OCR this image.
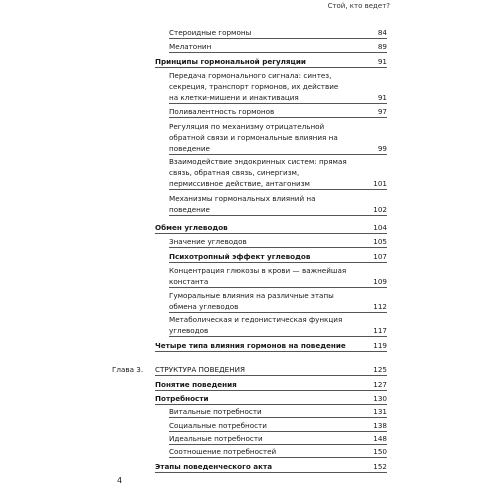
Стой, кто ведет?
Стероидные гормоны	84
Мелатонин	89
Принципы гормональной регуляции	91
Передача гормонального сигнала: синтез, секреция, транспорт гормонов, их действие на клетки-мишени и инактивация	91
Поливалентность гормонов	97
Регуляция по механизму отрицательной обратной связи и гормональные влияния на поведение	99
Взаимодействие эндокринных систем: прямая связь, обратная связь, синергизм, пермиссивное действие, антагонизм	101
Механизмы гормональных влияний на поведение	102
Обмен углеводов	104
Значение углеводов	105
Психотропный эффект углеводов	107
Концентрация глюкозы в крови — важнейшая константа	109
Гуморальные влияния на различные этапы обмена углеводов	112
Метаболическая и гедонистическая функция углеводов	117
Четыре типа влияния гормонов на поведение	119
Глава 3. СТРУКТУРА ПОВЕДЕНИЯ	125
Понятие поведения	127
Потребности	130
Витальные потребности	131
Социальные потребности	138
Идеальные потребности	148
Соотношение потребностей	150
Этапы поведенческого акта	152
4
